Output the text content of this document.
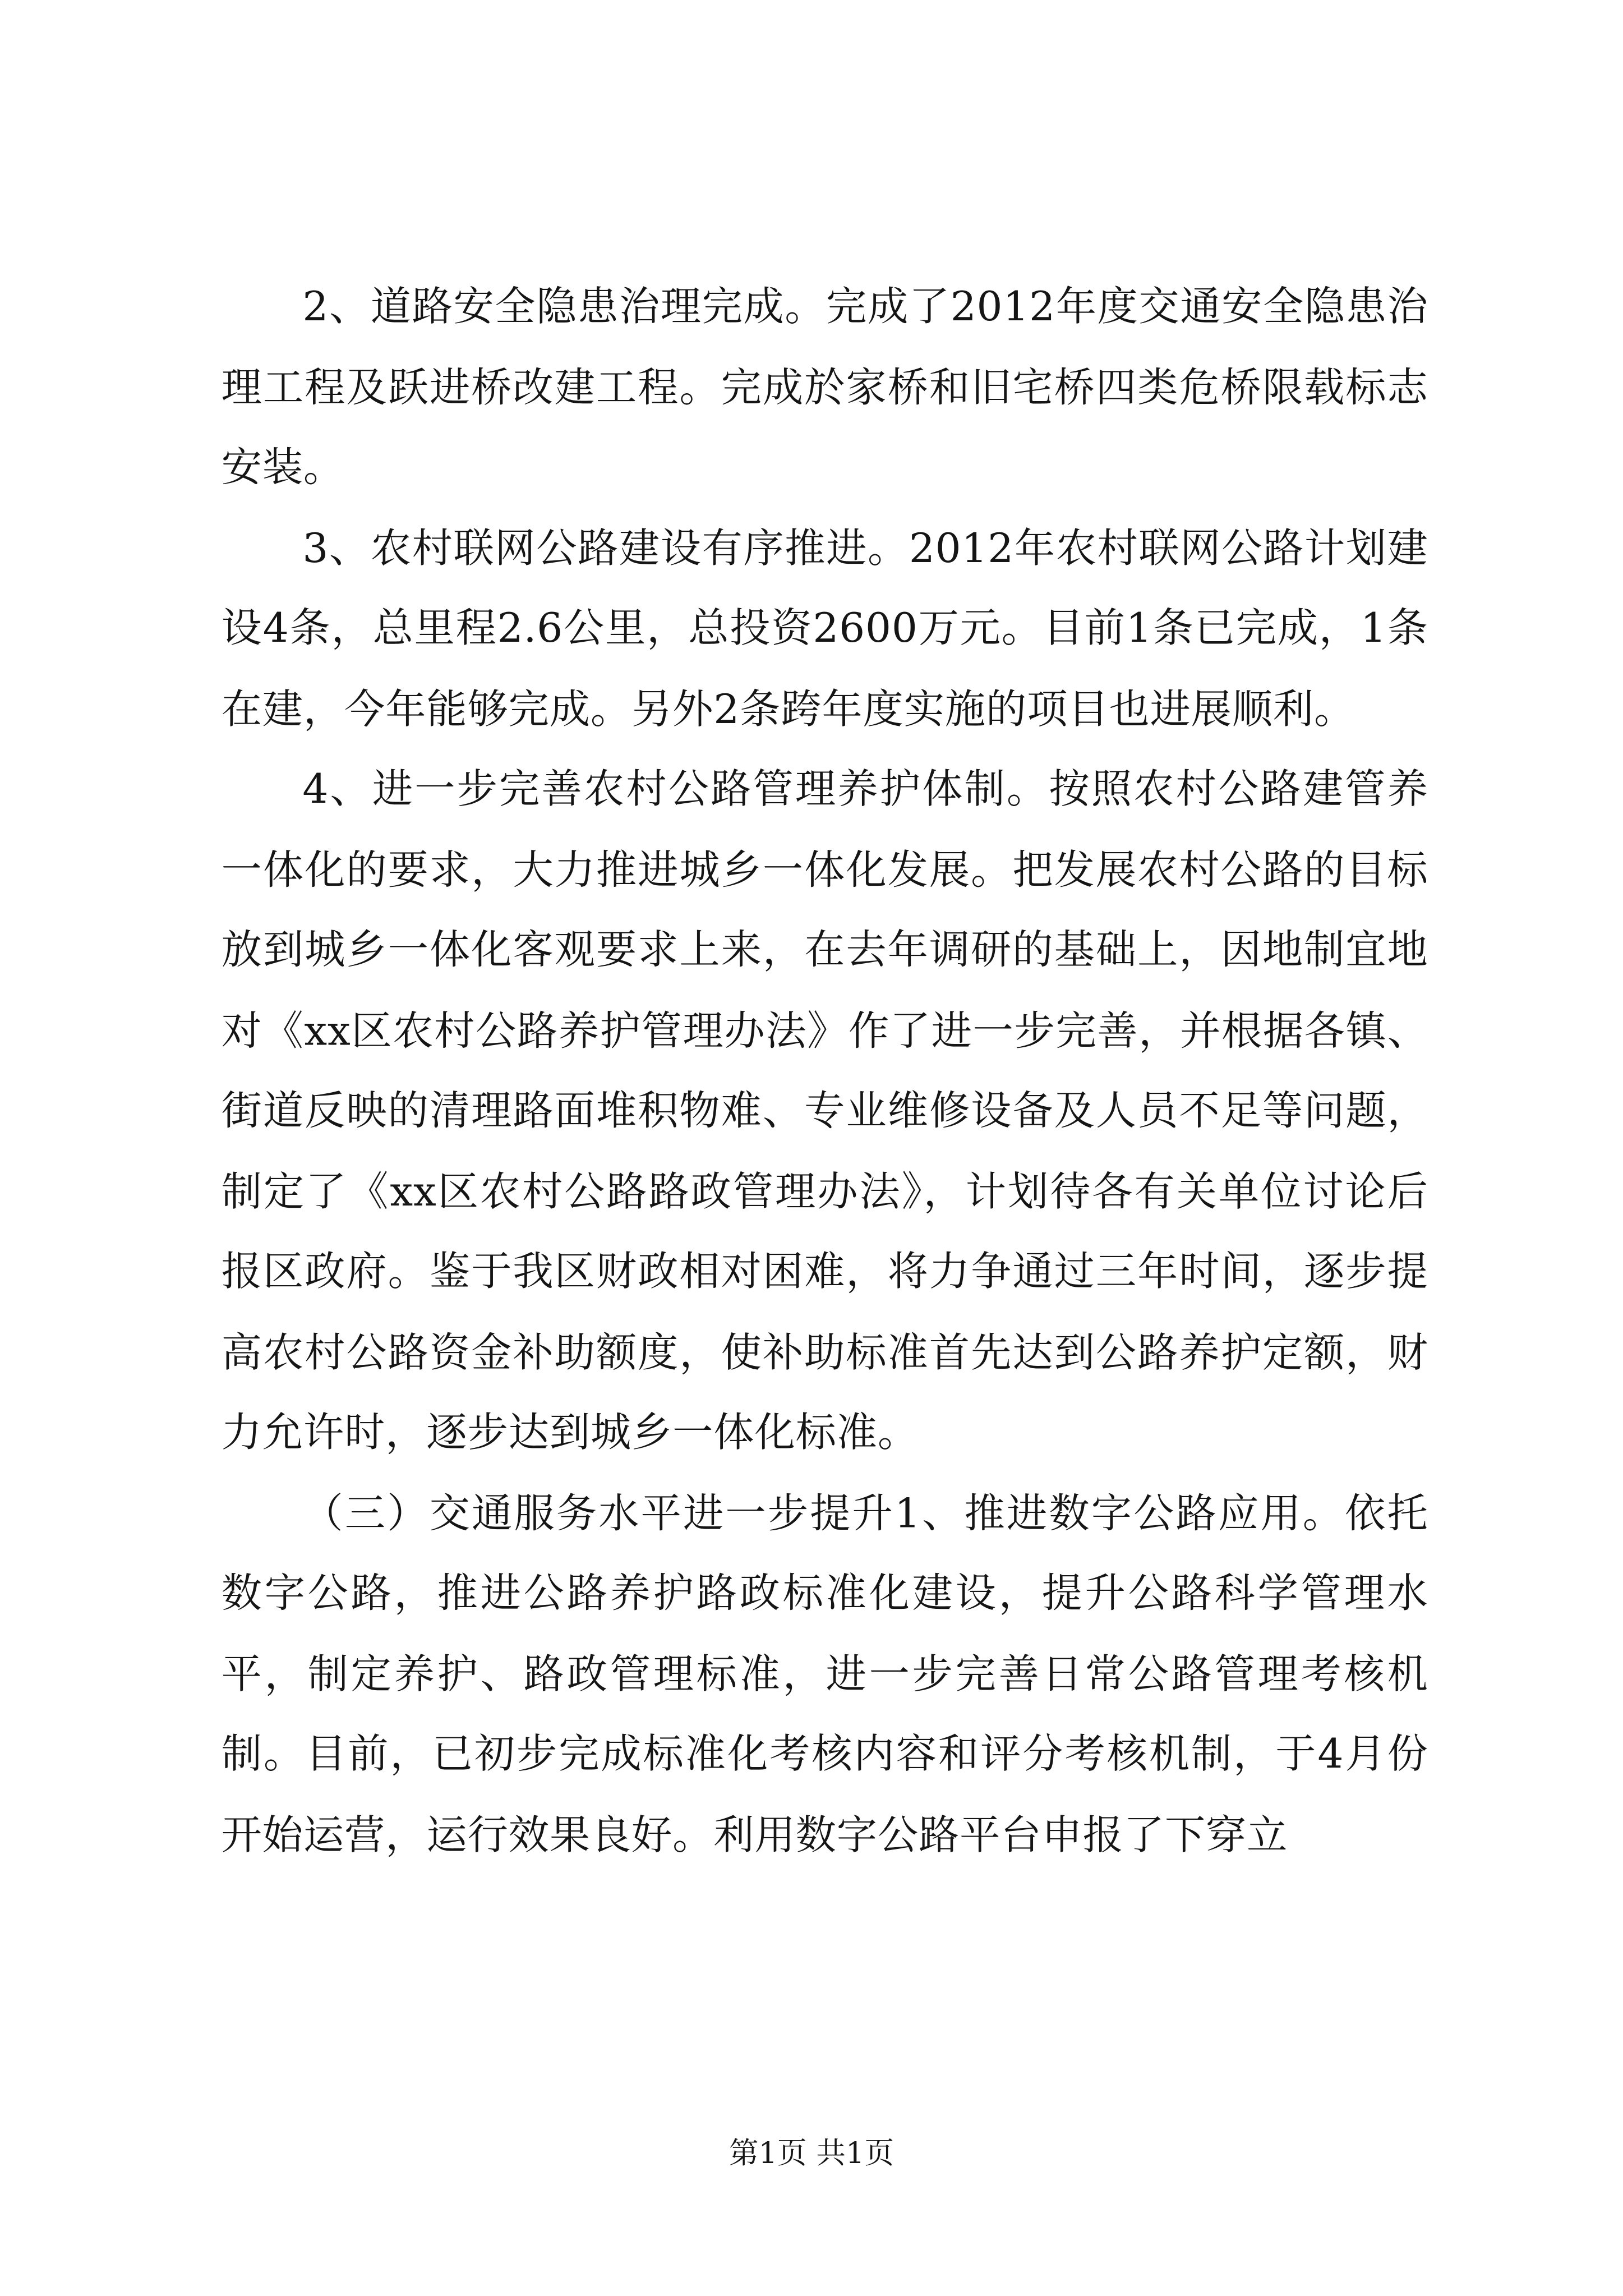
2、道路安全隐患治理完成。完成了2012年度交通安全隐患治理工程及跃进桥改建工程。完成於家桥和旧宅桥四类危桥限载标志安装。

3、农村联网公路建设有序推进。2012年农村联网公路计划建设4条，总里程2.6公里，总投资2600万元。目前1条已完成，1条在建，今年能够完成。另外2条跨年度实施的项目也进展顺利。

4、进一步完善农村公路管理养护体制。按照农村公路建管养一体化的要求，大力推进城乡一体化发展。把发展农村公路的目标放到城乡一体化客观要求上来，在去年调研的基础上，因地制宜地对《xx区农村公路养护管理办法》作了进一步完善，并根据各镇、街道反映的清理路面堆积物难、专业维修设备及人员不足等问题，制定了《xx区农村公路路政管理办法》，计划待各有关单位讨论后报区政府。鉴于我区财政相对困难，将力争通过三年时间，逐步提高农村公路资金补助额度，使补助标准首先达到公路养护定额，财力允许时，逐步达到城乡一体化标准。

（三）交通服务水平进一步提升1、推进数字公路应用。依托数字公路，推进公路养护路政标准化建设，提升公路科学管理水平，制定养护、路政管理标准，进一步完善日常公路管理考核机制。目前，已初步完成标准化考核内容和评分考核机制，于4月份开始运营，运行效果良好。利用数字公路平台申报了下穿立

第1页 共1页
